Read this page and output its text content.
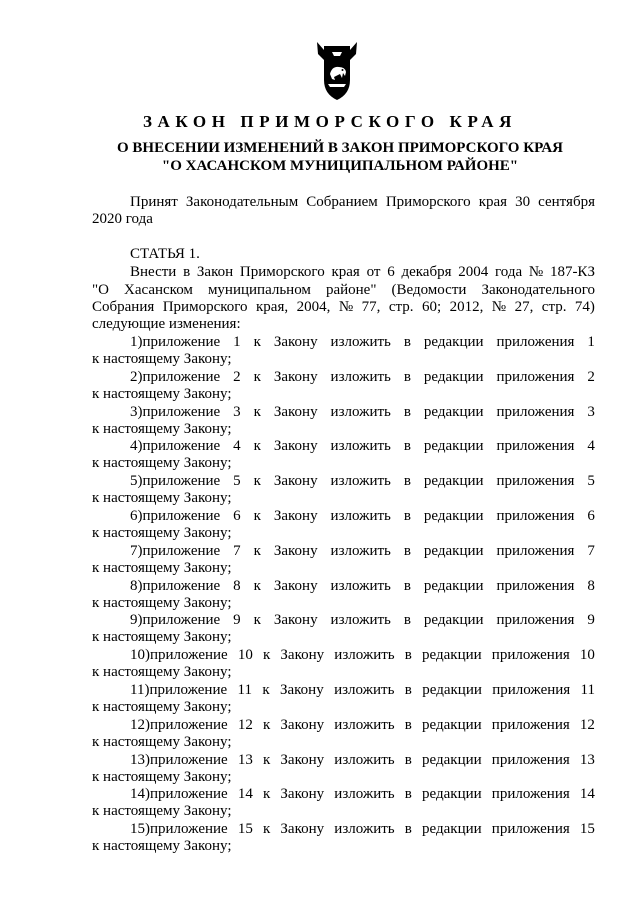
ЗАКОН ПРИМОРСКОГО КРАЯ
О ВНЕСЕНИИ ИЗМЕНЕНИЙ В ЗАКОН ПРИМОРСКОГО КРАЯ
"О ХАСАНСКОМ МУНИЦИПАЛЬНОМ РАЙОНЕ"
Принят Законодательным Собранием Приморского края 30 сентября
2020 года
СТАТЬЯ 1.
Внести в Закон Приморского края от 6 декабря 2004 года № 187-КЗ
"О Хасанском муниципальном районе" (Ведомости Законодательного
Собрания Приморского края, 2004, № 77, стр. 60; 2012, № 27, стр. 74)
следующие изменения:
1)приложение 1 к Закону изложить в редакции приложения 1
к настоящему Закону;
2)приложение 2 к Закону изложить в редакции приложения 2
к настоящему Закону;
3)приложение 3 к Закону изложить в редакции приложения 3
к настоящему Закону;
4)приложение 4 к Закону изложить в редакции приложения 4
к настоящему Закону;
5)приложение 5 к Закону изложить в редакции приложения 5
к настоящему Закону;
6)приложение 6 к Закону изложить в редакции приложения 6
к настоящему Закону;
7)приложение 7 к Закону изложить в редакции приложения 7
к настоящему Закону;
8)приложение 8 к Закону изложить в редакции приложения 8
к настоящему Закону;
9)приложение 9 к Закону изложить в редакции приложения 9
к настоящему Закону;
10)приложение 10 к Закону изложить в редакции приложения 10
к настоящему Закону;
11)приложение 11 к Закону изложить в редакции приложения 11
к настоящему Закону;
12)приложение 12 к Закону изложить в редакции приложения 12
к настоящему Закону;
13)приложение 13 к Закону изложить в редакции приложения 13
к настоящему Закону;
14)приложение 14 к Закону изложить в редакции приложения 14
к настоящему Закону;
15)приложение 15 к Закону изложить в редакции приложения 15
к настоящему Закону;
